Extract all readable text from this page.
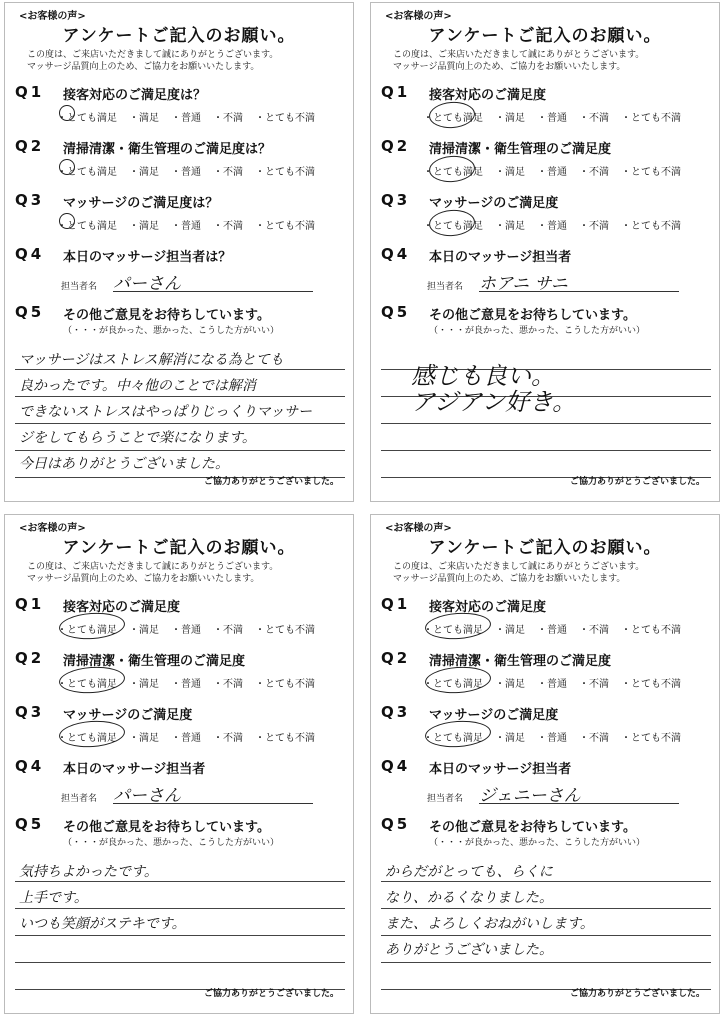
<お客様の声>
アンケートご記入のお願い。
この度は、ご来店いただきまして誠にありがとうございます。
マッサージ品質向上のため、ご協力をお願いいたします。
Q1 接客対応のご満足度は？
・とても満足 ・満足 ・普通 ・不満 ・とても不満
Q2 清掃清潔・衛生管理のご満足度は？
・とても満足 ・満足 ・普通 ・不満 ・とても不満
Q3 マッサージのご満足度は？
・とても満足 ・満足 ・普通 ・不満 ・とても不満
Q4 本日のマッサージ担当者は？
担当者名 パーさん
Q5 その他ご意見をお待ちしています。
（・・・が良かった、悪かった、こうした方がいい）
マッサージはストレス解消になる為とても
良かったです。中々他のことでは解消
できないストレスはやっぱりじっくりマッサー
ジをしてもらうことで楽になります。
今日はありがとうございました。
ご協力ありがとうございました。
<お客様の声>
アンケートご記入のお願い。
この度は、ご来店いただきまして誠にありがとうございます。
マッサージ品質向上のため、ご協力をお願いいたします。
Q1 接客対応のご満足度
・とても満足 ・満足 ・普通 ・不満 ・とても不満
Q2 清掃清潔・衛生管理のご満足度
・とても満足 ・満足 ・普通 ・不満 ・とても不満
Q3 マッサージのご満足度
・とても満足 ・満足 ・普通 ・不満 ・とても不満
Q4 本日のマッサージ担当者
担当者名 ホアニ サニ
Q5 その他ご意見をお待ちしています。
（・・・が良かった、悪かった、こうした方がいい）
感じも良い。
アジアン好き。
ご協力ありがとうございました。
<お客様の声>
アンケートご記入のお願い。
この度は、ご来店いただきまして誠にありがとうございます。
マッサージ品質向上のため、ご協力をお願いいたします。
Q1 接客対応のご満足度
・とても満足 ・満足 ・普通 ・不満 ・とても不満
Q2 清掃清潔・衛生管理のご満足度
・とても満足 ・満足 ・普通 ・不満 ・とても不満
Q3 マッサージのご満足度
・とても満足 ・満足 ・普通 ・不満 ・とても不満
Q4 本日のマッサージ担当者
担当者名 パーさん
Q5 その他ご意見をお待ちしています。
（・・・が良かった、悪かった、こうした方がいい）
気持ちよかったです。
上手です。
いつも笑顔がステキです。
ご協力ありがとうございました。
<お客様の声>
アンケートご記入のお願い。
この度は、ご来店いただきまして誠にありがとうございます。
マッサージ品質向上のため、ご協力をお願いいたします。
Q1 接客対応のご満足度
・とても満足 ・満足 ・普通 ・不満 ・とても不満
Q2 清掃清潔・衛生管理のご満足度
・とても満足 ・満足 ・普通 ・不満 ・とても不満
Q3 マッサージのご満足度
・とても満足 ・満足 ・普通 ・不満 ・とても不満
Q4 本日のマッサージ担当者
担当者名 ジェニーさん
Q5 その他ご意見をお待ちしています。
（・・・が良かった、悪かった、こうした方がいい）
からだがとっても、らくに
なり、かるくなりました。
また、よろしくおねがいします。
ありがとうございました。
ご協力ありがとうございました。
